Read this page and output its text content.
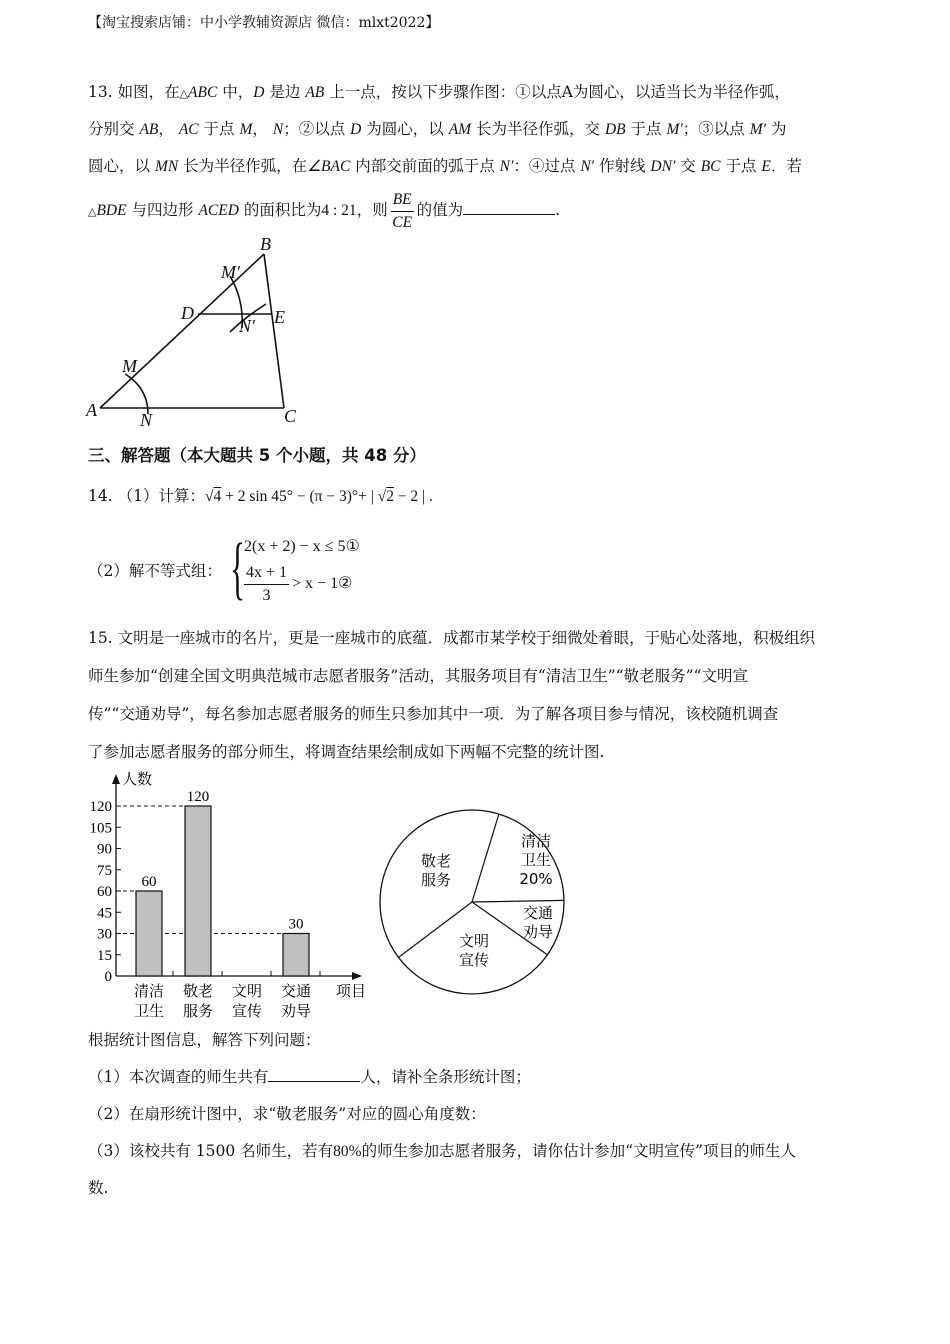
【淘宝搜索店铺：中小学教辅资源店 微信：mlxt2022】
13. 如图，在△ABC 中，D 是边 AB 上一点，按以下步骤作图：①以点A为圆心，以适当长为半径作弧，
分别交 AB， AC 于点 M， N；②以点 D 为圆心，以 AM 长为半径作弧，交 DB 于点 M′；③以点 M′ 为
圆心，以 MN 长为半径作弧，在∠BAC 内部交前面的弧于点 N′：④过点 N′ 作射线 DN′ 交 BC 于点 E．若
△BDE 与四边形 ACED 的面积比为4 : 21，则 $\frac{BE}{CE}$ 的值为	.
B
M′
D	E
N′
M
A N	C
三、解答题（本大题共 5 个小题，共 48 分）
14. （1）计算：√4 + 2 sin 45° − (π − 3)°+ | √2 − 2 | .
（2）解不等式组： {
2(x + 2) − x ≤ 5①
$\frac{4x + 1}{3} > x$ − 1②
15. 文明是一座城市的名片，更是一座城市的底蕴．成都市某学校于细微处着眼，于贴心处落地，积极组织
师生参加“创建全国文明典范城市志愿者服务”活动，其服务项目有“清洁卫生”“敬老服务”“文明宣
传”“交通劝导”，每名参加志愿者服务的师生只参加其中一项．为了解各项目参与情况，该校随机调查
了参加志愿者服务的部分师生，将调查结果绘制成如下两幅不完整的统计图.
人数
项目
0
15
30
45
60
75
90
105
120
60
清洁
卫生
120
敬老
服务
文明
宣传
30
交通
劝导
清洁
卫生
20%
交通
劝导
文明
宣传
敬老
服务
根据统计图信息，解答下列问题：
（1）本次调查的师生共有	人，请补全条形统计图；
（2）在扇形统计图中，求“敬老服务”对应的圆心角度数：
（3）该校共有 1500 名师生，若有80%的师生参加志愿者服务，请你估计参加“文明宣传”项目的师生人
数.
